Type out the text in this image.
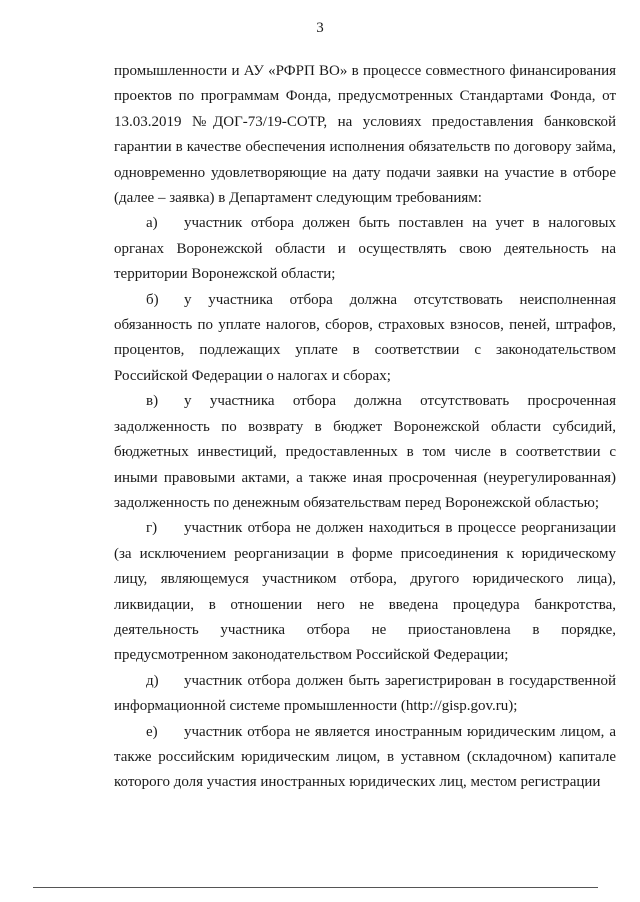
3

промышленности и АУ «РФРП ВО» в процессе совместного финансирования проектов по программам Фонда, предусмотренных Стандартами Фонда, от 13.03.2019 №ДОГ-73/19-СОТР, на условиях предоставления банковской гарантии в качестве обеспечения исполнения обязательств по договору займа, одновременно удовлетворяющие на дату подачи заявки на участие в отборе (далее – заявка) в Департамент следующим требованиям:

а) участник отбора должен быть поставлен на учет в налоговых органах Воронежской области и осуществлять свою деятельность на территории Воронежской области;

б) у участника отбора должна отсутствовать неисполненная обязанность по уплате налогов, сборов, страховых взносов, пеней, штрафов, процентов, подлежащих уплате в соответствии с законодательством Российской Федерации о налогах и сборах;

в) у участника отбора должна отсутствовать просроченная задолженность по возврату в бюджет Воронежской области субсидий, бюджетных инвестиций, предоставленных в том числе в соответствии с иными правовыми актами, а также иная просроченная (неурегулированная) задолженность по денежным обязательствам перед Воронежской областью;

г) участник отбора не должен находиться в процессе реорганизации (за исключением реорганизации в форме присоединения к юридическому лицу, являющемуся участником отбора, другого юридического лица), ликвидации, в отношении него не введена процедура банкротства, деятельность участника отбора не приостановлена в порядке, предусмотренном законодательством Российской Федерации;

д) участник отбора должен быть зарегистрирован в государственной информационной системе промышленности (http://gisp.gov.ru);

е) участник отбора не является иностранным юридическим лицом, а также российским юридическим лицом, в уставном (складочном) капитале которого доля участия иностранных юридических лиц, местом регистрации
